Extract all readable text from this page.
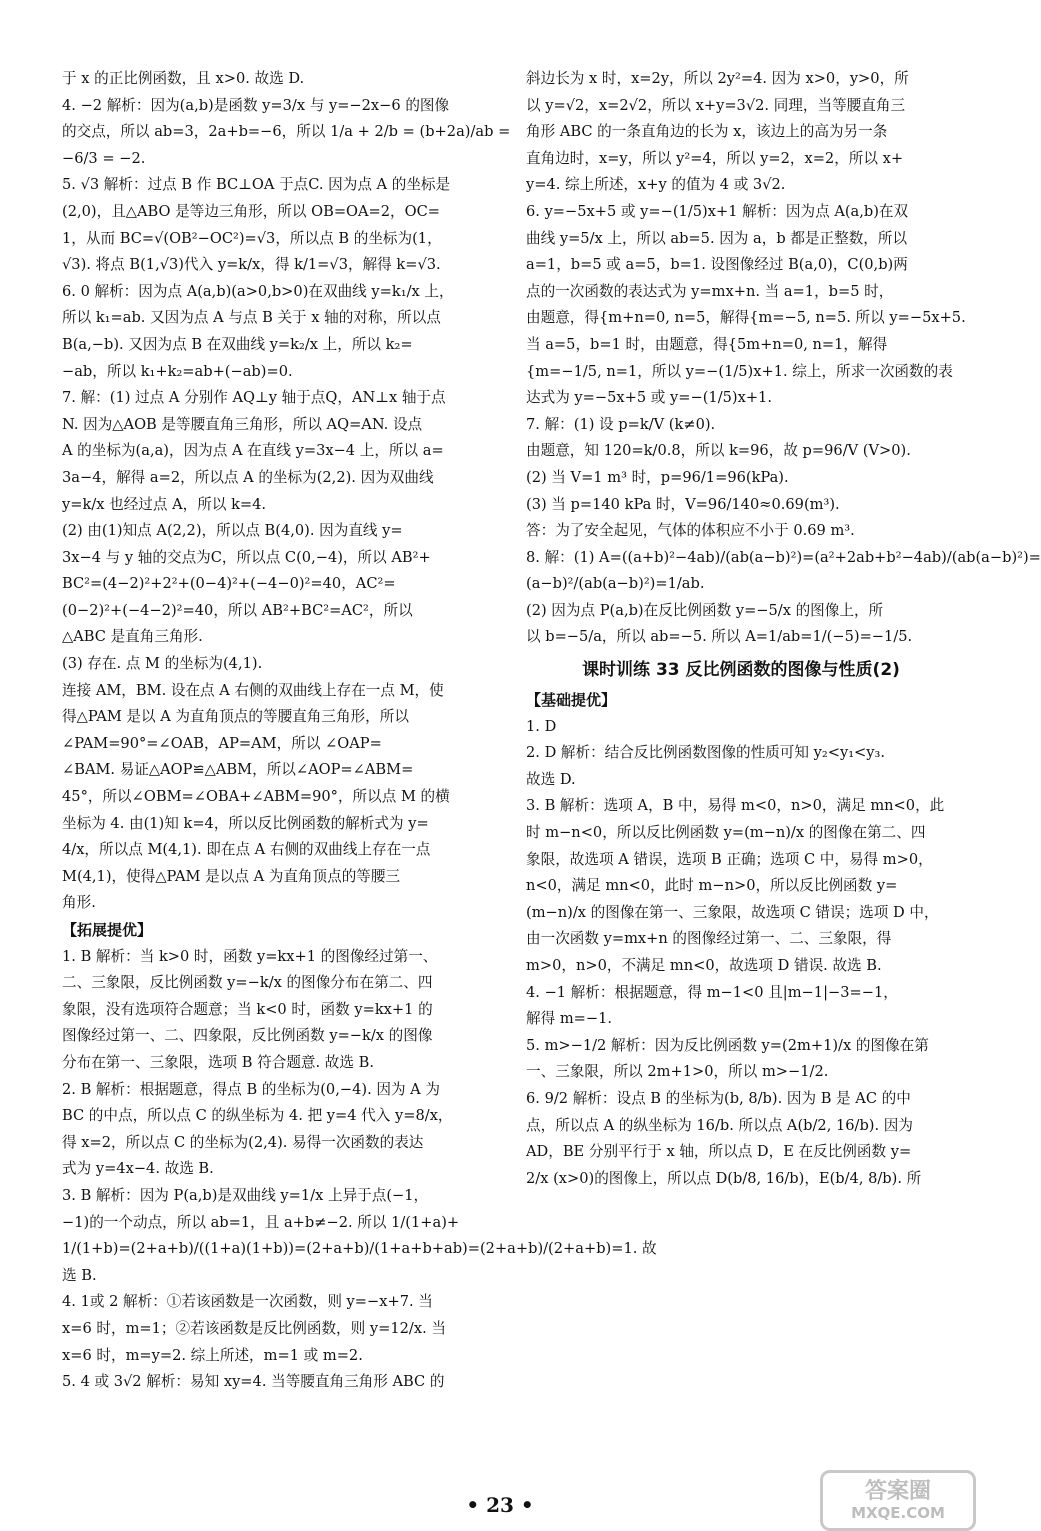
于 x 的正比例函数，且 x>0. 故选 D.
4. −2 解析：因为(a,b)是函数 y=3/x 与 y=−2x−6 的图像
的交点，所以 ab=3，2a+b=−6，所以 1/a + 2/b = (b+2a)/ab =
−6/3 = −2.
5. √3 解析：过点 B 作 BC⊥OA 于点C. 因为点 A 的坐标是
(2,0)，且△ABO 是等边三角形，所以 OB=OA=2，OC=
1，从而 BC=√(OB²−OC²)=√3，所以点 B 的坐标为(1，
√3). 将点 B(1,√3)代入 y=k/x，得 k/1=√3，解得 k=√3.
6. 0 解析：因为点 A(a,b)(a>0,b>0)在双曲线 y=k₁/x 上，
所以 k₁=ab. 又因为点 A 与点 B 关于 x 轴的对称，所以点
B(a,−b). 又因为点 B 在双曲线 y=k₂/x 上，所以 k₂=
−ab，所以 k₁+k₂=ab+(−ab)=0.
7. 解：(1) 过点 A 分别作 AQ⊥y 轴于点Q，AN⊥x 轴于点
N. 因为△AOB 是等腰直角三角形，所以 AQ=AN. 设点
A 的坐标为(a,a)，因为点 A 在直线 y=3x−4 上，所以 a=
3a−4，解得 a=2，所以点 A 的坐标为(2,2). 因为双曲线
y=k/x 也经过点 A，所以 k=4.
(2) 由(1)知点 A(2,2)，所以点 B(4,0). 因为直线 y=
3x−4 与 y 轴的交点为C，所以点 C(0,−4)，所以 AB²+
BC²=(4−2)²+2²+(0−4)²+(−4−0)²=40，AC²=
(0−2)²+(−4−2)²=40，所以 AB²+BC²=AC²，所以
△ABC 是直角三角形.
(3) 存在. 点 M 的坐标为(4,1).
连接 AM，BM. 设在点 A 右侧的双曲线上存在一点 M，使
得△PAM 是以 A 为直角顶点的等腰直角三角形，所以
∠PAM=90°=∠OAB，AP=AM，所以 ∠OAP=
∠BAM. 易证△AOP≌△ABM，所以∠AOP=∠ABM=
45°，所以∠OBM=∠OBA+∠ABM=90°，所以点 M 的横
坐标为 4. 由(1)知 k=4，所以反比例函数的解析式为 y=
4/x，所以点 M(4,1). 即在点 A 右侧的双曲线上存在一点
M(4,1)，使得△PAM 是以点 A 为直角顶点的等腰三
角形.
【拓展提优】
1. B 解析：当 k>0 时，函数 y=kx+1 的图像经过第一、
二、三象限，反比例函数 y=−k/x 的图像分布在第二、四
象限，没有选项符合题意；当 k<0 时，函数 y=kx+1 的
图像经过第一、二、四象限，反比例函数 y=−k/x 的图像
分布在第一、三象限，选项 B 符合题意. 故选 B.
2. B 解析：根据题意，得点 B 的坐标为(0,−4). 因为 A 为
BC 的中点，所以点 C 的纵坐标为 4. 把 y=4 代入 y=8/x，
得 x=2，所以点 C 的坐标为(2,4). 易得一次函数的表达
式为 y=4x−4. 故选 B.
3. B 解析：因为 P(a,b)是双曲线 y=1/x 上异于点(−1，
−1)的一个动点，所以 ab=1，且 a+b≠−2. 所以 1/(1+a)+
1/(1+b)=(2+a+b)/((1+a)(1+b))=(2+a+b)/(1+a+b+ab)=(2+a+b)/(2+a+b)=1. 故
选 B.
4. 1或 2 解析：①若该函数是一次函数，则 y=−x+7. 当
x=6 时，m=1；②若该函数是反比例函数，则 y=12/x. 当
x=6 时，m=y=2. 综上所述，m=1 或 m=2.
5. 4 或 3√2 解析：易知 xy=4. 当等腰直角三角形 ABC 的
斜边长为 x 时，x=2y，所以 2y²=4. 因为 x>0，y>0，所
以 y=√2，x=2√2，所以 x+y=3√2. 同理，当等腰直角三
角形 ABC 的一条直角边的长为 x，该边上的高为另一条
直角边时，x=y，所以 y²=4，所以 y=2，x=2，所以 x+
y=4. 综上所述，x+y 的值为 4 或 3√2.
6. y=−5x+5 或 y=−(1/5)x+1 解析：因为点 A(a,b)在双
曲线 y=5/x 上，所以 ab=5. 因为 a，b 都是正整数，所以
a=1，b=5 或 a=5，b=1. 设图像经过 B(a,0)，C(0,b)两
点的一次函数的表达式为 y=mx+n. 当 a=1，b=5 时，
由题意，得{m+n=0, n=5，解得{m=−5, n=5. 所以 y=−5x+5.
当 a=5，b=1 时，由题意，得{5m+n=0, n=1，解得
{m=−1/5, n=1，所以 y=−(1/5)x+1. 综上，所求一次函数的表
达式为 y=−5x+5 或 y=−(1/5)x+1.
7. 解：(1) 设 p=k/V (k≠0).
由题意，知 120=k/0.8，所以 k=96，故 p=96/V (V>0).
(2) 当 V=1 m³ 时，p=96/1=96(kPa).
(3) 当 p=140 kPa 时，V=96/140≈0.69(m³).
答：为了安全起见，气体的体积应不小于 0.69 m³.
8. 解：(1) A=((a+b)²−4ab)/(ab(a−b)²)=(a²+2ab+b²−4ab)/(ab(a−b)²)=
(a−b)²/(ab(a−b)²)=1/ab.
(2) 因为点 P(a,b)在反比例函数 y=−5/x 的图像上，所
以 b=−5/a，所以 ab=−5. 所以 A=1/ab=1/(−5)=−1/5.
课时训练 33 反比例函数的图像与性质(2)
【基础提优】
1. D
2. D 解析：结合反比例函数图像的性质可知 y₂<y₁<y₃.
故选 D.
3. B 解析：选项 A，B 中，易得 m<0，n>0，满足 mn<0，此
时 m−n<0，所以反比例函数 y=(m−n)/x 的图像在第二、四
象限，故选项 A 错误，选项 B 正确；选项 C 中，易得 m>0，
n<0，满足 mn<0，此时 m−n>0，所以反比例函数 y=
(m−n)/x 的图像在第一、三象限，故选项 C 错误；选项 D 中，
由一次函数 y=mx+n 的图像经过第一、二、三象限，得
m>0，n>0，不满足 mn<0，故选项 D 错误. 故选 B.
4. −1 解析：根据题意，得 m−1<0 且|m−1|−3=−1，
解得 m=−1.
5. m>−1/2 解析：因为反比例函数 y=(2m+1)/x 的图像在第
一、三象限，所以 2m+1>0，所以 m>−1/2.
6. 9/2 解析：设点 B 的坐标为(b, 8/b). 因为 B 是 AC 的中
点，所以点 A 的纵坐标为 16/b. 所以点 A(b/2, 16/b). 因为
AD，BE 分别平行于 x 轴，所以点 D，E 在反比例函数 y=
2/x (x>0)的图像上，所以点 D(b/8, 16/b)，E(b/4, 8/b). 所
• 23 •
答案圈
MXQE.COM
